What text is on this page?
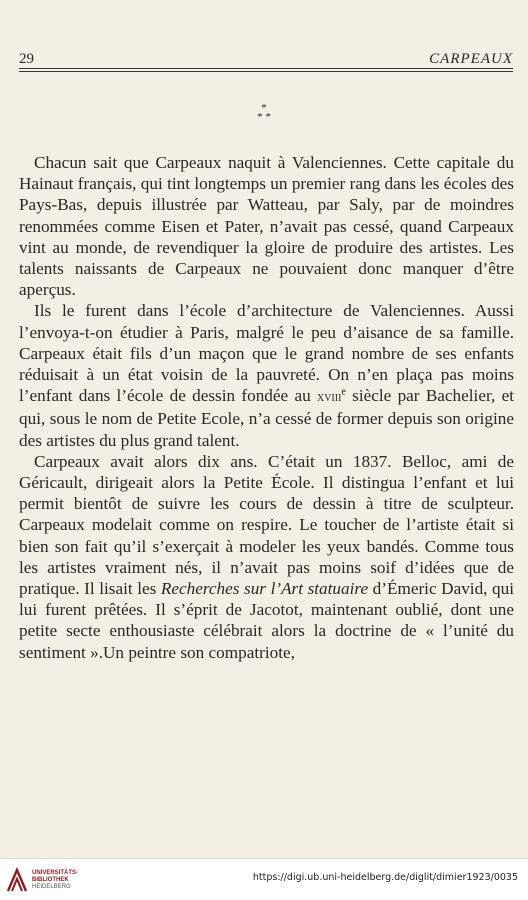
29	CARPEAUX
*
* *

Chacun sait que Carpeaux naquit à Valenciennes. Cette capitale du Hainaut français, qui tint longtemps un premier rang dans les écoles des Pays-Bas, depuis illustrée par Watteau, par Saly, par de moindres renommées comme Eisen et Pater, n’avait pas cessé, quand Carpeaux vint au monde, de revendiquer la gloire de produire des artistes. Les talents naissants de Carpeaux ne pouvaient donc manquer d’être aperçus.

Ils le furent dans l’école d’architecture de Valenciennes. Aussi l’envoya-t-on étudier à Paris, malgré le peu d’aisance de sa famille. Carpeaux était fils d’un maçon que le grand nombre de ses enfants réduisait à un état voisin de la pauvreté. On n’en plaça pas moins l’enfant dans l’école de dessin fondée au xviii$^e$ siècle par Bachelier, et qui, sous le nom de Petite Ecole, n’a cessé de former depuis son origine des artistes du plus grand talent.

Carpeaux avait alors dix ans. C’était un 1837. Belloc, ami de Géricault, dirigeait alors la Petite École. Il distingua l’enfant et lui permit bientôt de suivre les cours de dessin à titre de sculpteur. Carpeaux modelait comme on respire. Le toucher de l’artiste était si bien son fait qu’il s’exerçait à modeler les yeux bandés. Comme tous les artistes vraiment nés, il n’avait pas moins soif d’idées que de pratique. Il lisait les Recherches sur l’Art statuaire d’Émeric David, qui lui furent prêtées. Il s’éprit de Jacotot, maintenant oublié, dont une petite secte enthousiaste célébrait alors la doctrine de « l’unité du sentiment ».Un peintre son compatriote,

UNIVERSITÄTS-
BIBLIOTHEK
HEIDELBERG
https://digi.ub.uni-heidelberg.de/diglit/dimier1923/0035
